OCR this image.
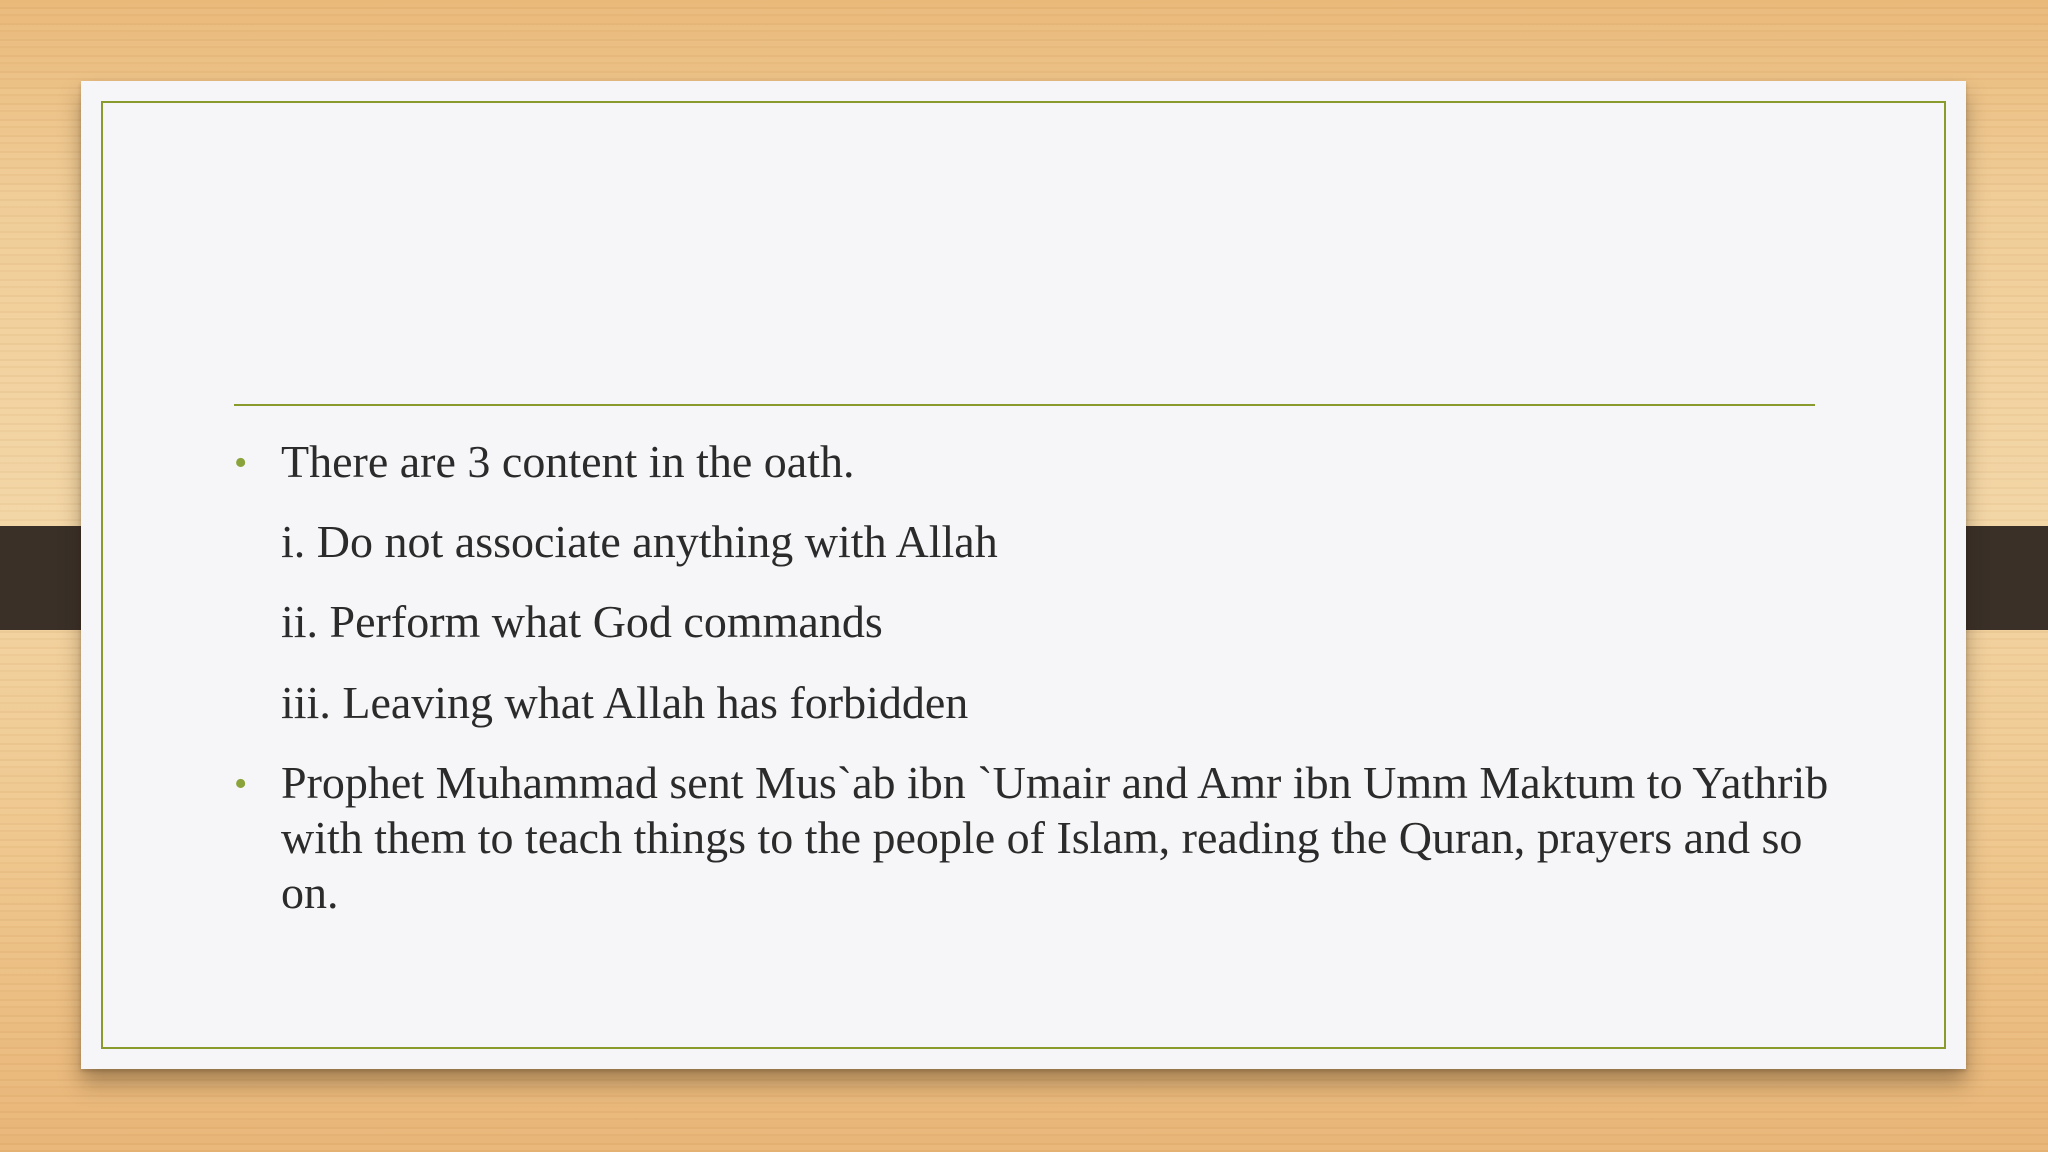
• There are 3 content in the oath.
i. Do not associate anything with Allah
ii. Perform what God commands
iii. Leaving what Allah has forbidden
• Prophet Muhammad sent Mus`ab ibn `Umair and Amr ibn Umm Maktum to Yathrib with them to teach things to the people of Islam, reading the Quran, prayers and so on.
